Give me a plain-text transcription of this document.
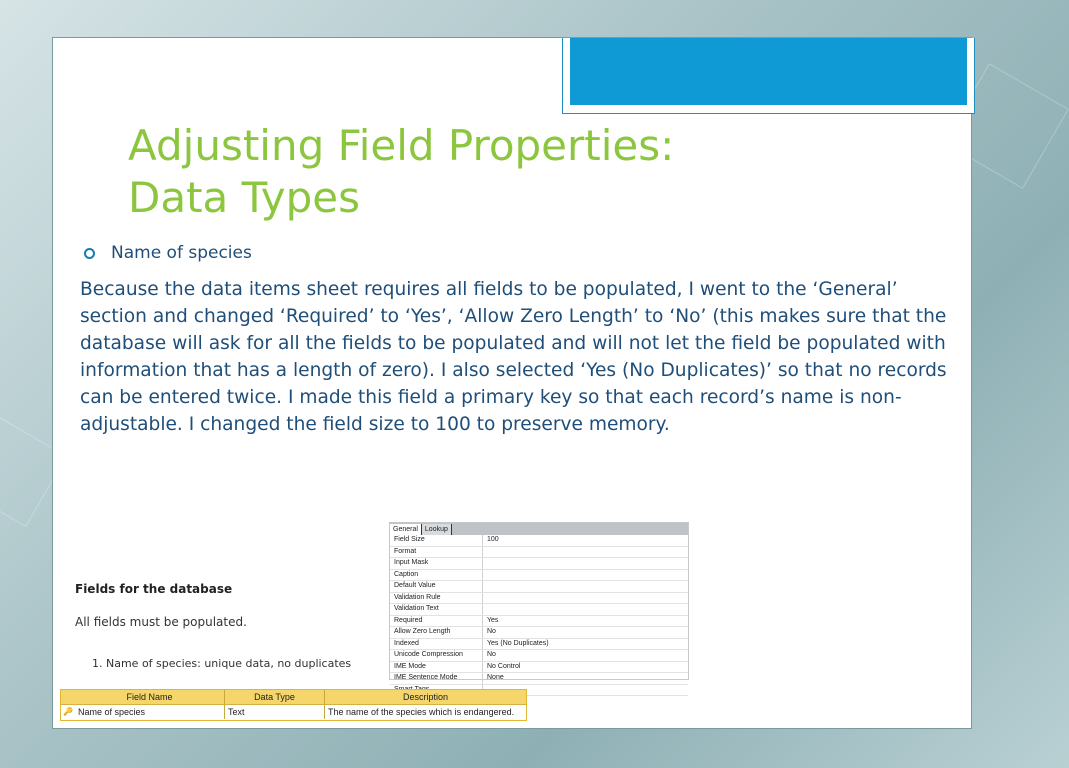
Adjusting Field Properties:
Data Types
Name of species
Because the data items sheet requires all fields to be populated, I went to the ‘General’ section and changed ‘Required’ to ‘Yes’, ‘Allow Zero Length’ to ‘No’ (this makes sure that the database will ask for all the fields to be populated and will not let the field be populated with information that has a length of zero). I also selected ‘Yes (No Duplicates)’ so that no records can be entered twice. I made this field a primary key so that each record’s name is non-adjustable. I changed the field size to 100 to preserve memory.
General	Lookup
Field Size	100
Format
Input Mask
Caption
Default Value
Validation Rule
Validation Text
Required	Yes
Allow Zero Length	No
Indexed	Yes (No Duplicates)
Unicode Compression	No
IME Mode	No Control
IME Sentence Mode	None
Fields for the database
All fields must be populated.
1. Name of species: unique data, no duplicates
Field Name	Data Type	Description
🔑 Name of species	Text	The name of the species which is endangered.
